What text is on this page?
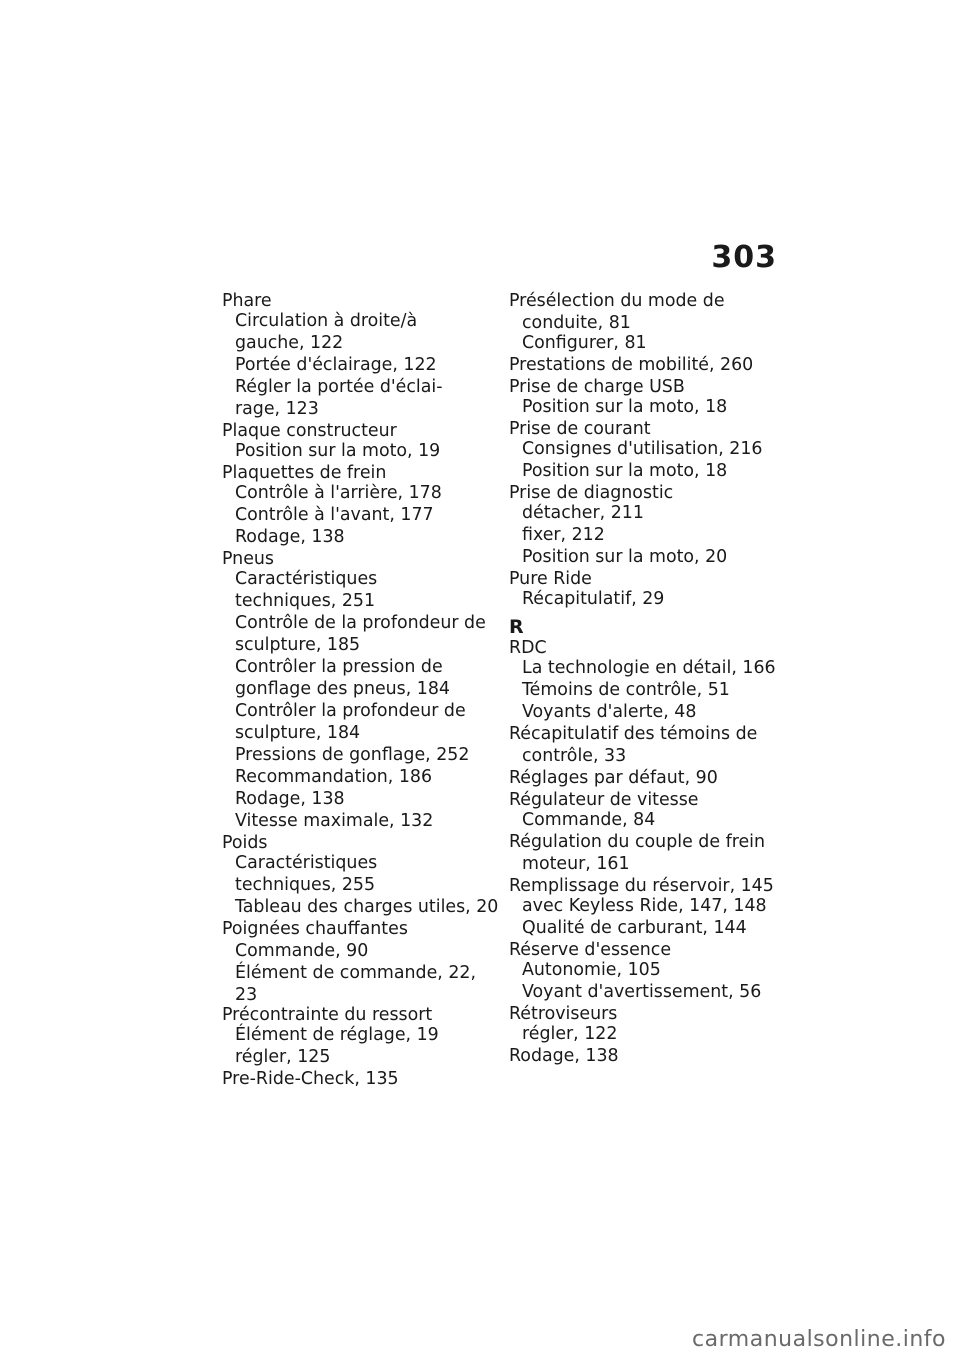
303
Phare
Circulation à droite/à
gauche, 122
Portée d'éclairage, 122
Régler la portée d'éclai-
rage, 123
Plaque constructeur
Position sur la moto, 19
Plaquettes de frein
Contrôle à l'arrière, 178
Contrôle à l'avant, 177
Rodage, 138
Pneus
Caractéristiques
techniques, 251
Contrôle de la profondeur de
sculpture, 185
Contrôler la pression de
gonflage des pneus, 184
Contrôler la profondeur de
sculpture, 184
Pressions de gonflage, 252
Recommandation, 186
Rodage, 138
Vitesse maximale, 132
Poids
Caractéristiques
techniques, 255
Tableau des charges utiles, 20
Poignées chauffantes
Commande, 90
Élément de commande, 22,
23
Précontrainte du ressort
Élément de réglage, 19
régler, 125
Pre-Ride-Check, 135
Présélection du mode de
conduite, 81
Configurer, 81
Prestations de mobilité, 260
Prise de charge USB
Position sur la moto, 18
Prise de courant
Consignes d'utilisation, 216
Position sur la moto, 18
Prise de diagnostic
détacher, 211
fixer, 212
Position sur la moto, 20
Pure Ride
Récapitulatif, 29
R
RDC
La technologie en détail, 166
Témoins de contrôle, 51
Voyants d'alerte, 48
Récapitulatif des témoins de
contrôle, 33
Réglages par défaut, 90
Régulateur de vitesse
Commande, 84
Régulation du couple de frein
moteur, 161
Remplissage du réservoir, 145
avec Keyless Ride, 147, 148
Qualité de carburant, 144
Réserve d'essence
Autonomie, 105
Voyant d'avertissement, 56
Rétroviseurs
régler, 122
Rodage, 138
carmanualsonline.info
